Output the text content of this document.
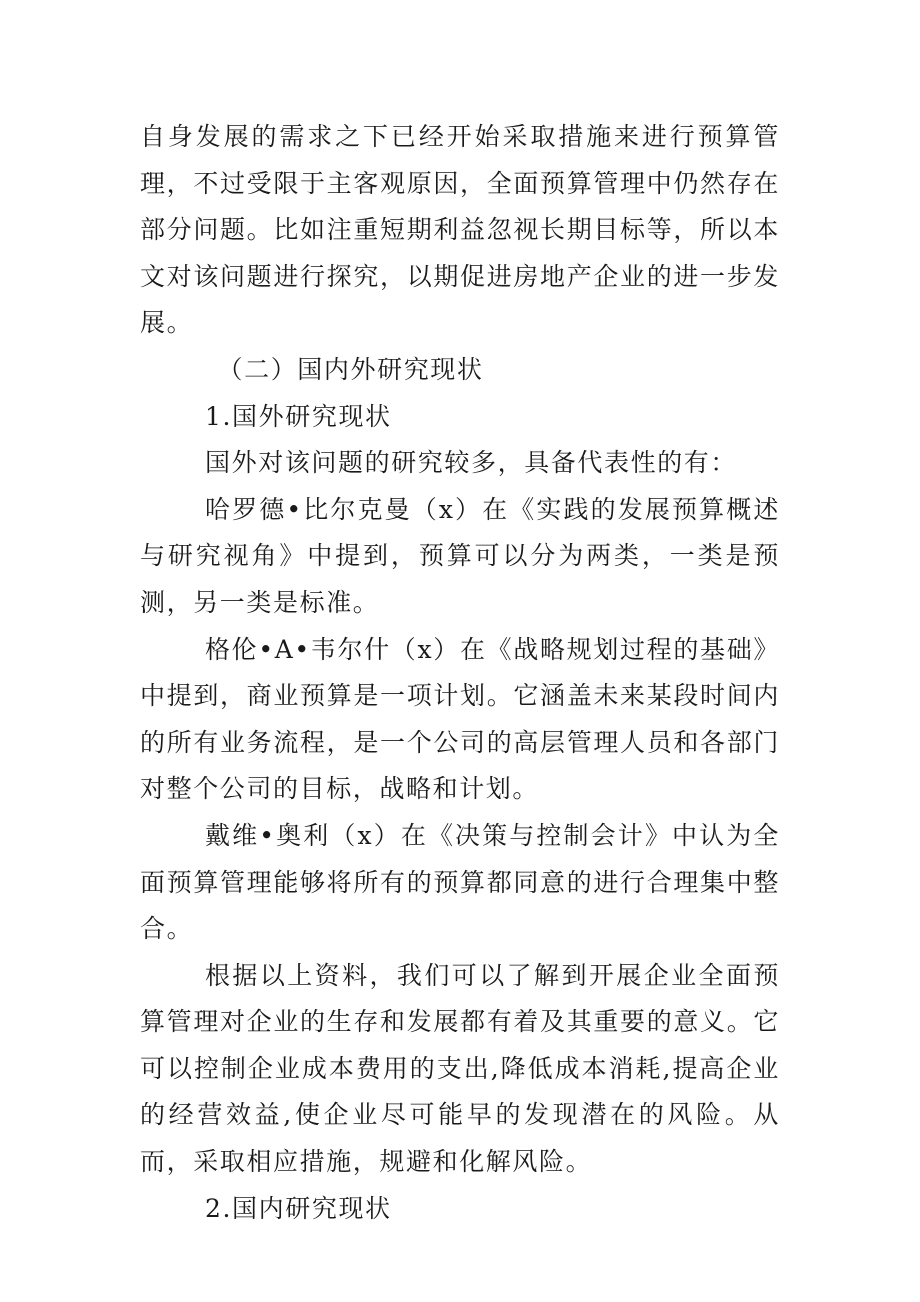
自身发展的需求之下已经开始采取措施来进行预算管理，不过受限于主客观原因，全面预算管理中仍然存在部分问题。比如注重短期利益忽视长期目标等，所以本文对该问题进行探究，以期促进房地产企业的进一步发展。

（二）国内外研究现状

1.国外研究现状

国外对该问题的研究较多，具备代表性的有：

哈罗德•比尔克曼（x）在《实践的发展预算概述与研究视角》中提到，预算可以分为两类，一类是预测，另一类是标准。

格伦•A•韦尔什（x）在《战略规划过程的基础》中提到，商业预算是一项计划。它涵盖未来某段时间内的所有业务流程，是一个公司的高层管理人员和各部门对整个公司的目标，战略和计划。

戴维•奥利（x）在《决策与控制会计》中认为全面预算管理能够将所有的预算都同意的进行合理集中整合。

根据以上资料，我们可以了解到开展企业全面预算管理对企业的生存和发展都有着及其重要的意义。它可以控制企业成本费用的支出,降低成本消耗,提高企业的经营效益,使企业尽可能早的发现潜在的风险。从而，采取相应措施，规避和化解风险。

2.国内研究现状
